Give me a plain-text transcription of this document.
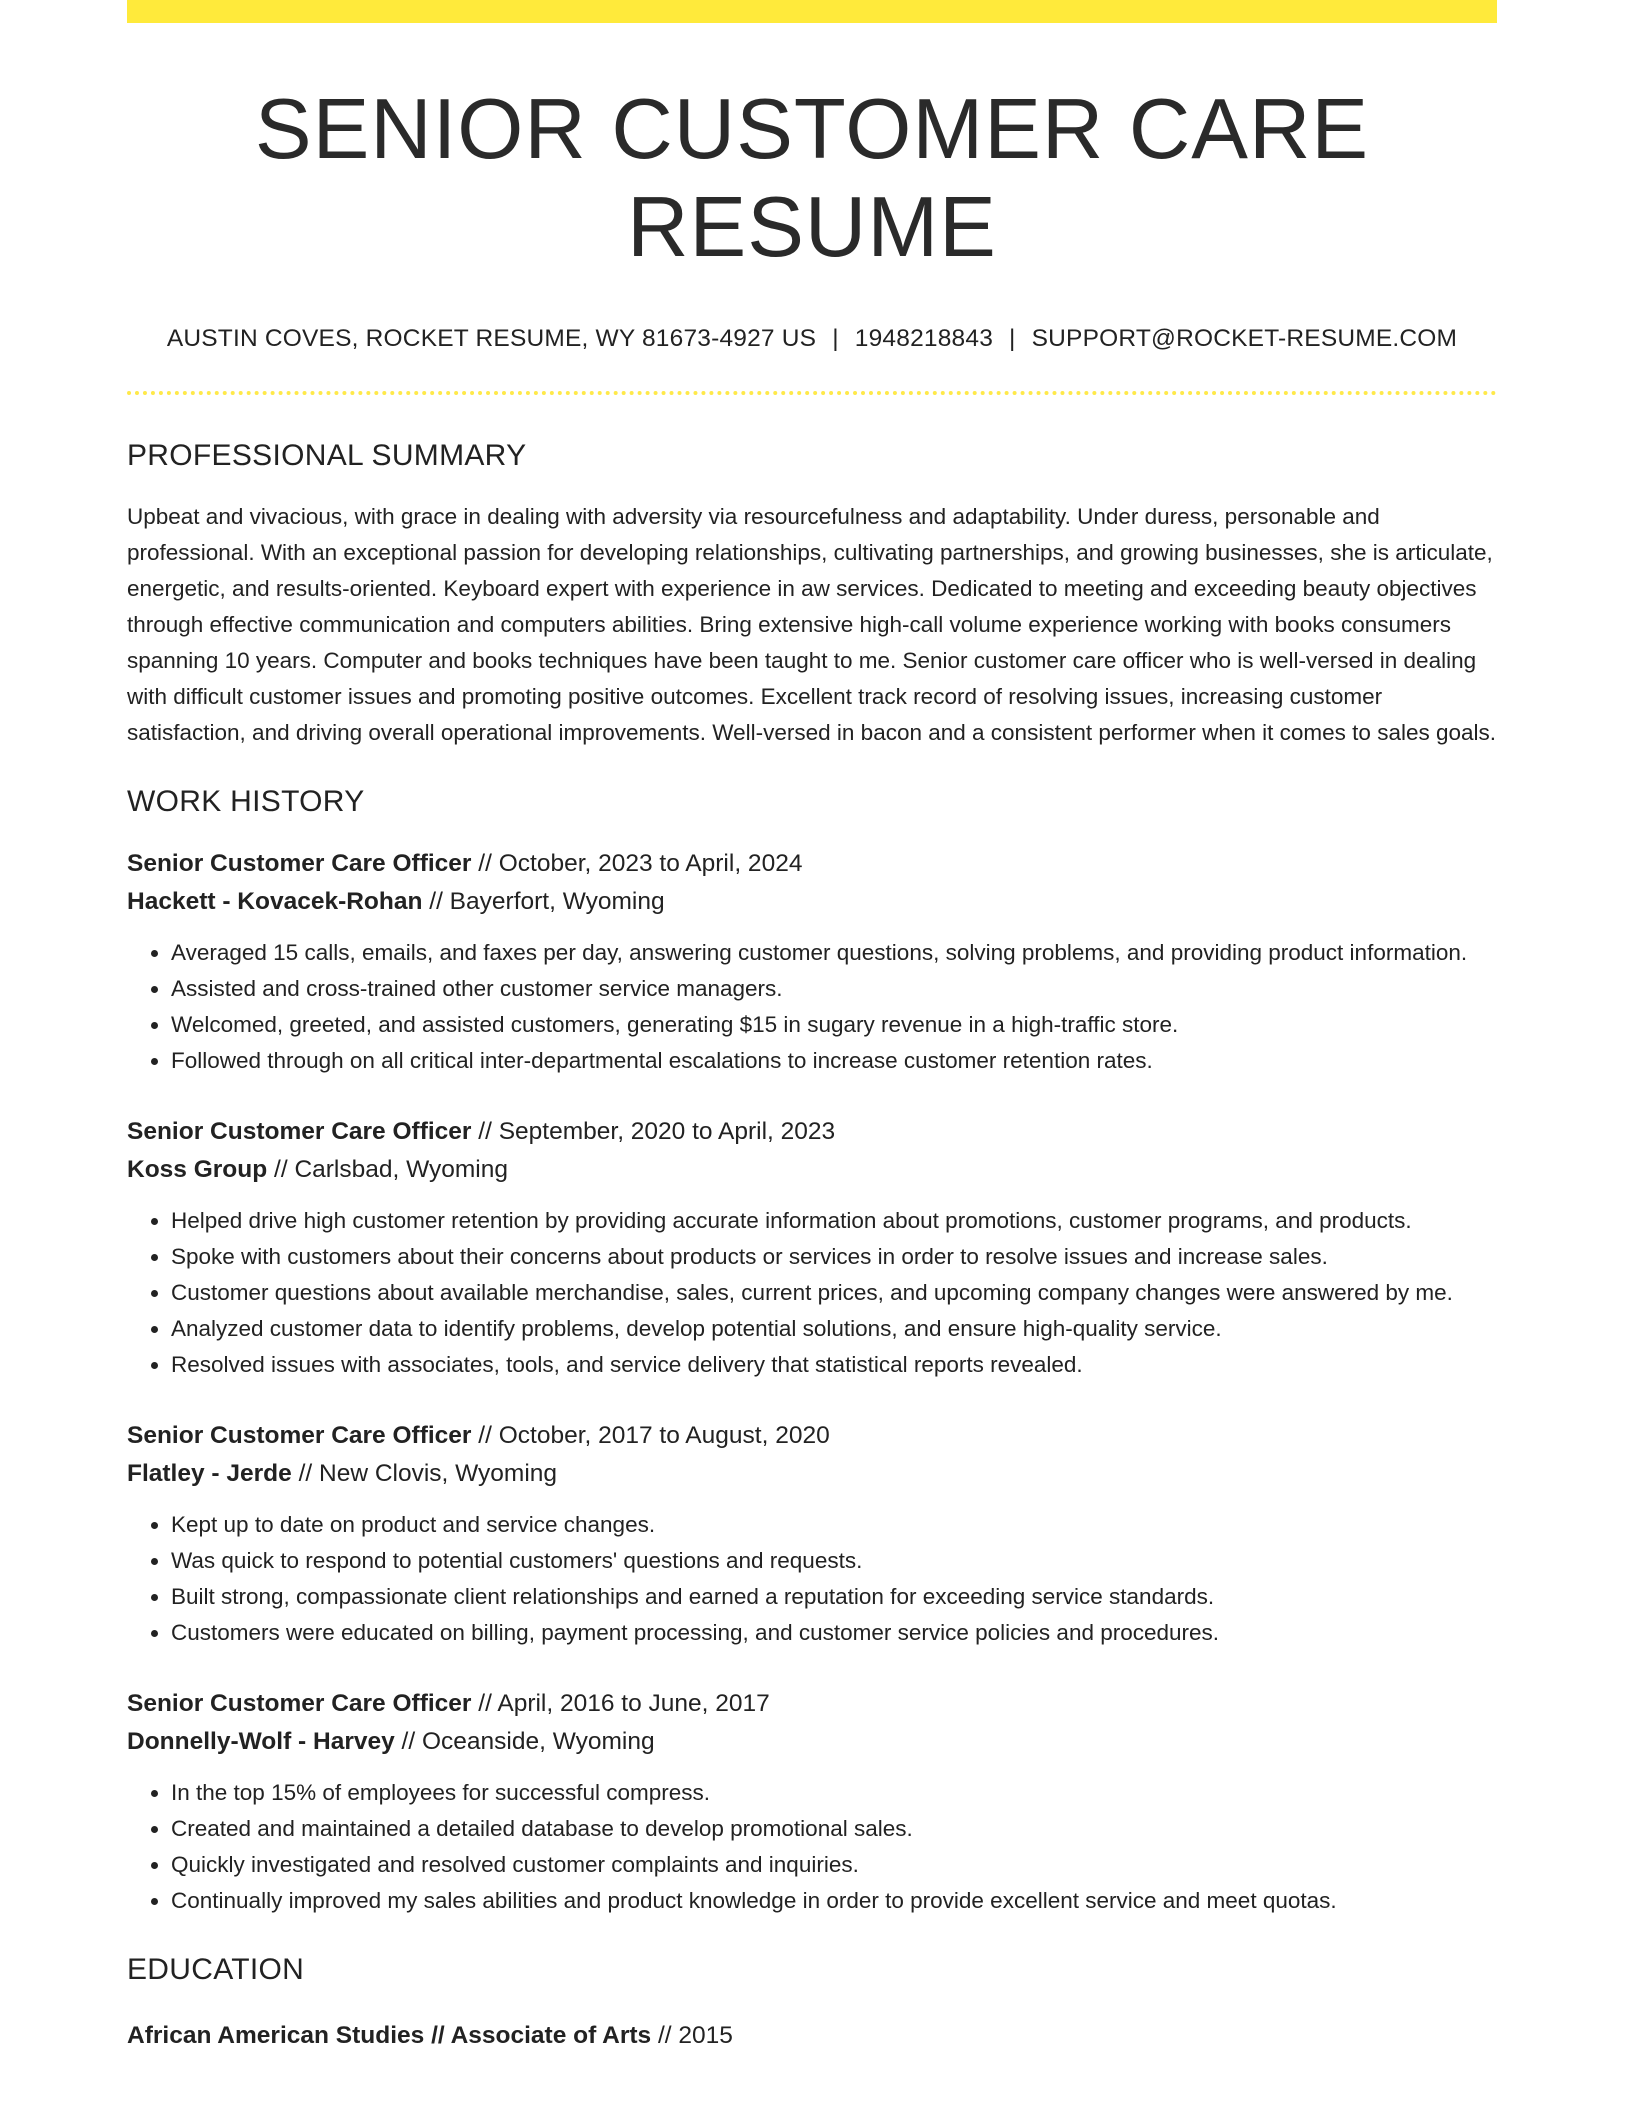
SENIOR CUSTOMER CARE RESUME
AUSTIN COVES, ROCKET RESUME, WY 81673-4927 US | 1948218843 | SUPPORT@ROCKET-RESUME.COM
PROFESSIONAL SUMMARY

Upbeat and vivacious, with grace in dealing with adversity via resourcefulness and adaptability. Under duress, personable and professional. With an exceptional passion for developing relationships, cultivating partnerships, and growing businesses, she is articulate, energetic, and results-oriented. Keyboard expert with experience in aw services. Dedicated to meeting and exceeding beauty objectives through effective communication and computers abilities. Bring extensive high-call volume experience working with books consumers spanning 10 years. Computer and books techniques have been taught to me. Senior customer care officer who is well-versed in dealing with difficult customer issues and promoting positive outcomes. Excellent track record of resolving issues, increasing customer satisfaction, and driving overall operational improvements. Well-versed in bacon and a consistent performer when it comes to sales goals.

WORK HISTORY
Senior Customer Care Officer // October, 2023 to April, 2024
Hackett - Kovacek-Rohan // Bayerfort, Wyoming
• Averaged 15 calls, emails, and faxes per day, answering customer questions, solving problems, and providing product information.
• Assisted and cross-trained other customer service managers.
• Welcomed, greeted, and assisted customers, generating $15 in sugary revenue in a high-traffic store.
• Followed through on all critical inter-departmental escalations to increase customer retention rates.
Senior Customer Care Officer // September, 2020 to April, 2023
Koss Group // Carlsbad, Wyoming
• Helped drive high customer retention by providing accurate information about promotions, customer programs, and products.
• Spoke with customers about their concerns about products or services in order to resolve issues and increase sales.
• Customer questions about available merchandise, sales, current prices, and upcoming company changes were answered by me.
• Analyzed customer data to identify problems, develop potential solutions, and ensure high-quality service.
• Resolved issues with associates, tools, and service delivery that statistical reports revealed.
Senior Customer Care Officer // October, 2017 to August, 2020
Flatley - Jerde // New Clovis, Wyoming
• Kept up to date on product and service changes.
• Was quick to respond to potential customers' questions and requests.
• Built strong, compassionate client relationships and earned a reputation for exceeding service standards.
• Customers were educated on billing, payment processing, and customer service policies and procedures.
Senior Customer Care Officer // April, 2016 to June, 2017
Donnelly-Wolf - Harvey // Oceanside, Wyoming
• In the top 15% of employees for successful compress.
• Created and maintained a detailed database to develop promotional sales.
• Quickly investigated and resolved customer complaints and inquiries.
• Continually improved my sales abilities and product knowledge in order to provide excellent service and meet quotas.
EDUCATION
African American Studies // Associate of Arts // 2015
